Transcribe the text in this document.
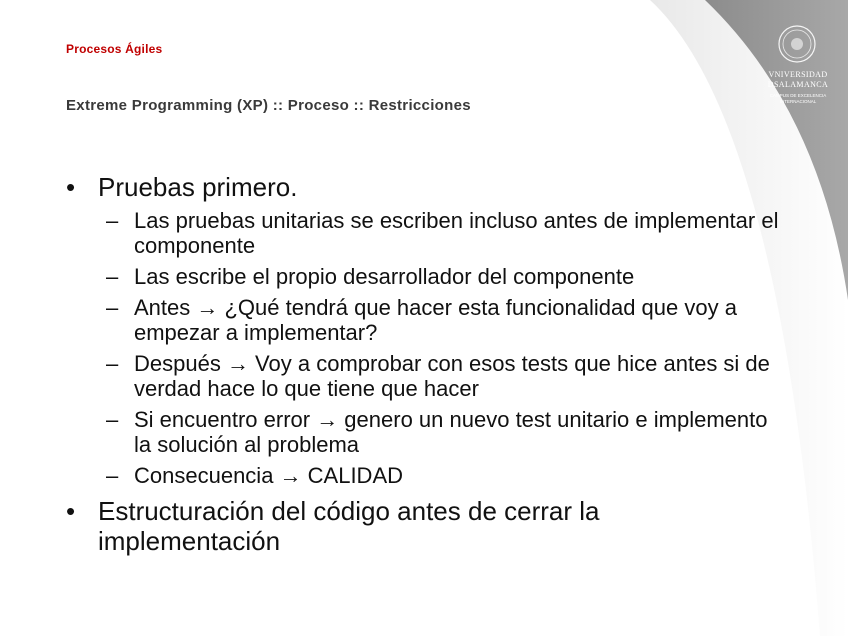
Procesos Ágiles
Extreme Programming (XP) :: Proceso :: Restricciones
VNIVERSIDAD
DSALAMANCA
CAMPUS DE EXCELENCIA
INTERNACIONAL
• Pruebas primero.
– Las pruebas unitarias se escriben incluso antes de implementar el componente
– Las escribe el propio desarrollador del componente
– Antes → ¿Qué tendrá que hacer esta funcionalidad que voy a empezar a implementar?
– Después → Voy a comprobar con esos tests que hice antes si de verdad hace lo que tiene que hacer
– Si encuentro error → genero un nuevo test unitario e implemento la solución al problema
– Consecuencia → CALIDAD
• Estructuración del código antes de cerrar la implementación
